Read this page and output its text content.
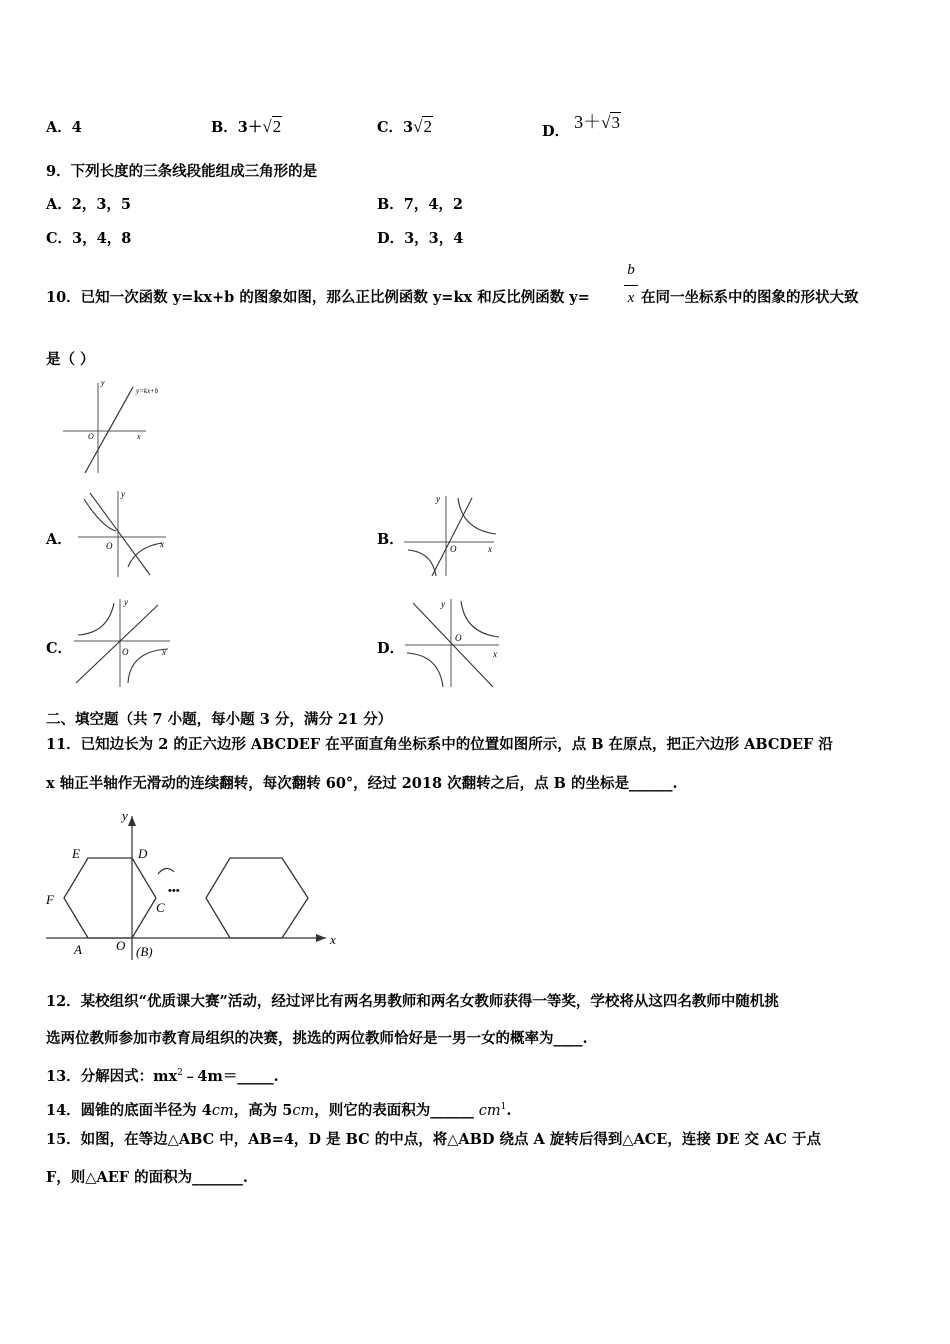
A．4	B．3＋√2	C．3√2	D． 3＋√3
9．下列长度的三条线段能组成三角形的是
A．2，3，5	B．7，4，2
C．3，4，8	D．3，3，4
10．已知一次函数 y=kx+b 的图象如图，那么正比例函数 y=kx 和反比例函数 y=
b
x 在同一坐标系中的图象的形状大致
是（ ）
y
x
O
y=kx+b
A．
y
x
O	B．
y
x
O
C．
y
x
O	D．
y
x
O
二、填空题（共 7 小题，每小题 3 分，满分 21 分）
11．已知边长为 2 的正六边形 ABCDEF 在平面直角坐标系中的位置如图所示，点 B 在原点，把正六边形 ABCDEF 沿
x 轴正半轴作无滑动的连续翻转，每次翻转 60°，经过 2018 次翻转之后，点 B 的坐标是______.
•••
y
x
E	D
F
C
A	O (B)
12．某校组织“优质课大赛”活动，经过评比有两名男教师和两名女教师获得一等奖，学校将从这四名教师中随机挑
选两位教师参加市教育局组织的决赛，挑选的两位教师恰好是一男一女的概率为____.
13．分解因式：$mx^2﹣4m=\_\_\_\_\_$.
14．圆锥的底面半径为 4cm，高为 5cm，则它的表面积为______ $cm^1$.
15．如图，在等边△ABC 中，AB=4，D 是 BC 的中点，将△ABD 绕点 A 旋转后得到△ACE，连接 DE 交 AC 于点
F，则△AEF 的面积为_______.
